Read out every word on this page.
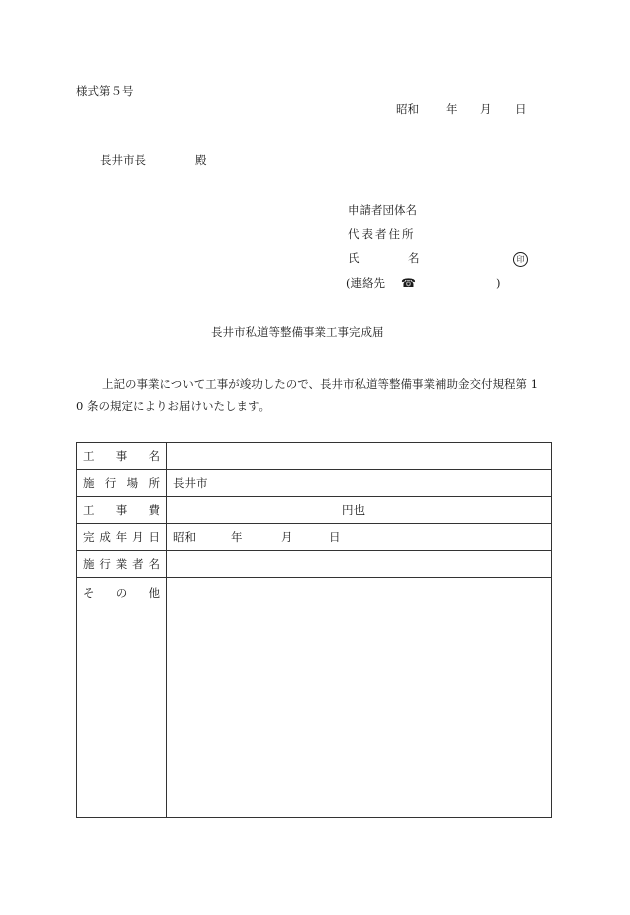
様式第５号
昭和 年 月 日
長井市長	殿
申請者団体名
代表者住所
氏	名	印
(連絡先 ☎	)
長井市私道等整備事業工事完成届

上記の事業について工事が竣功したので、長井市私道等整備事業補助金交付規程第 1

0 条の規定によりお届けいたします。

工 事 名	

施 行 場 所	長井市

工 事 費	円也

完 成 年 月 日	昭和 年 月 日

施 行 業 者 名	

そ の 他	
